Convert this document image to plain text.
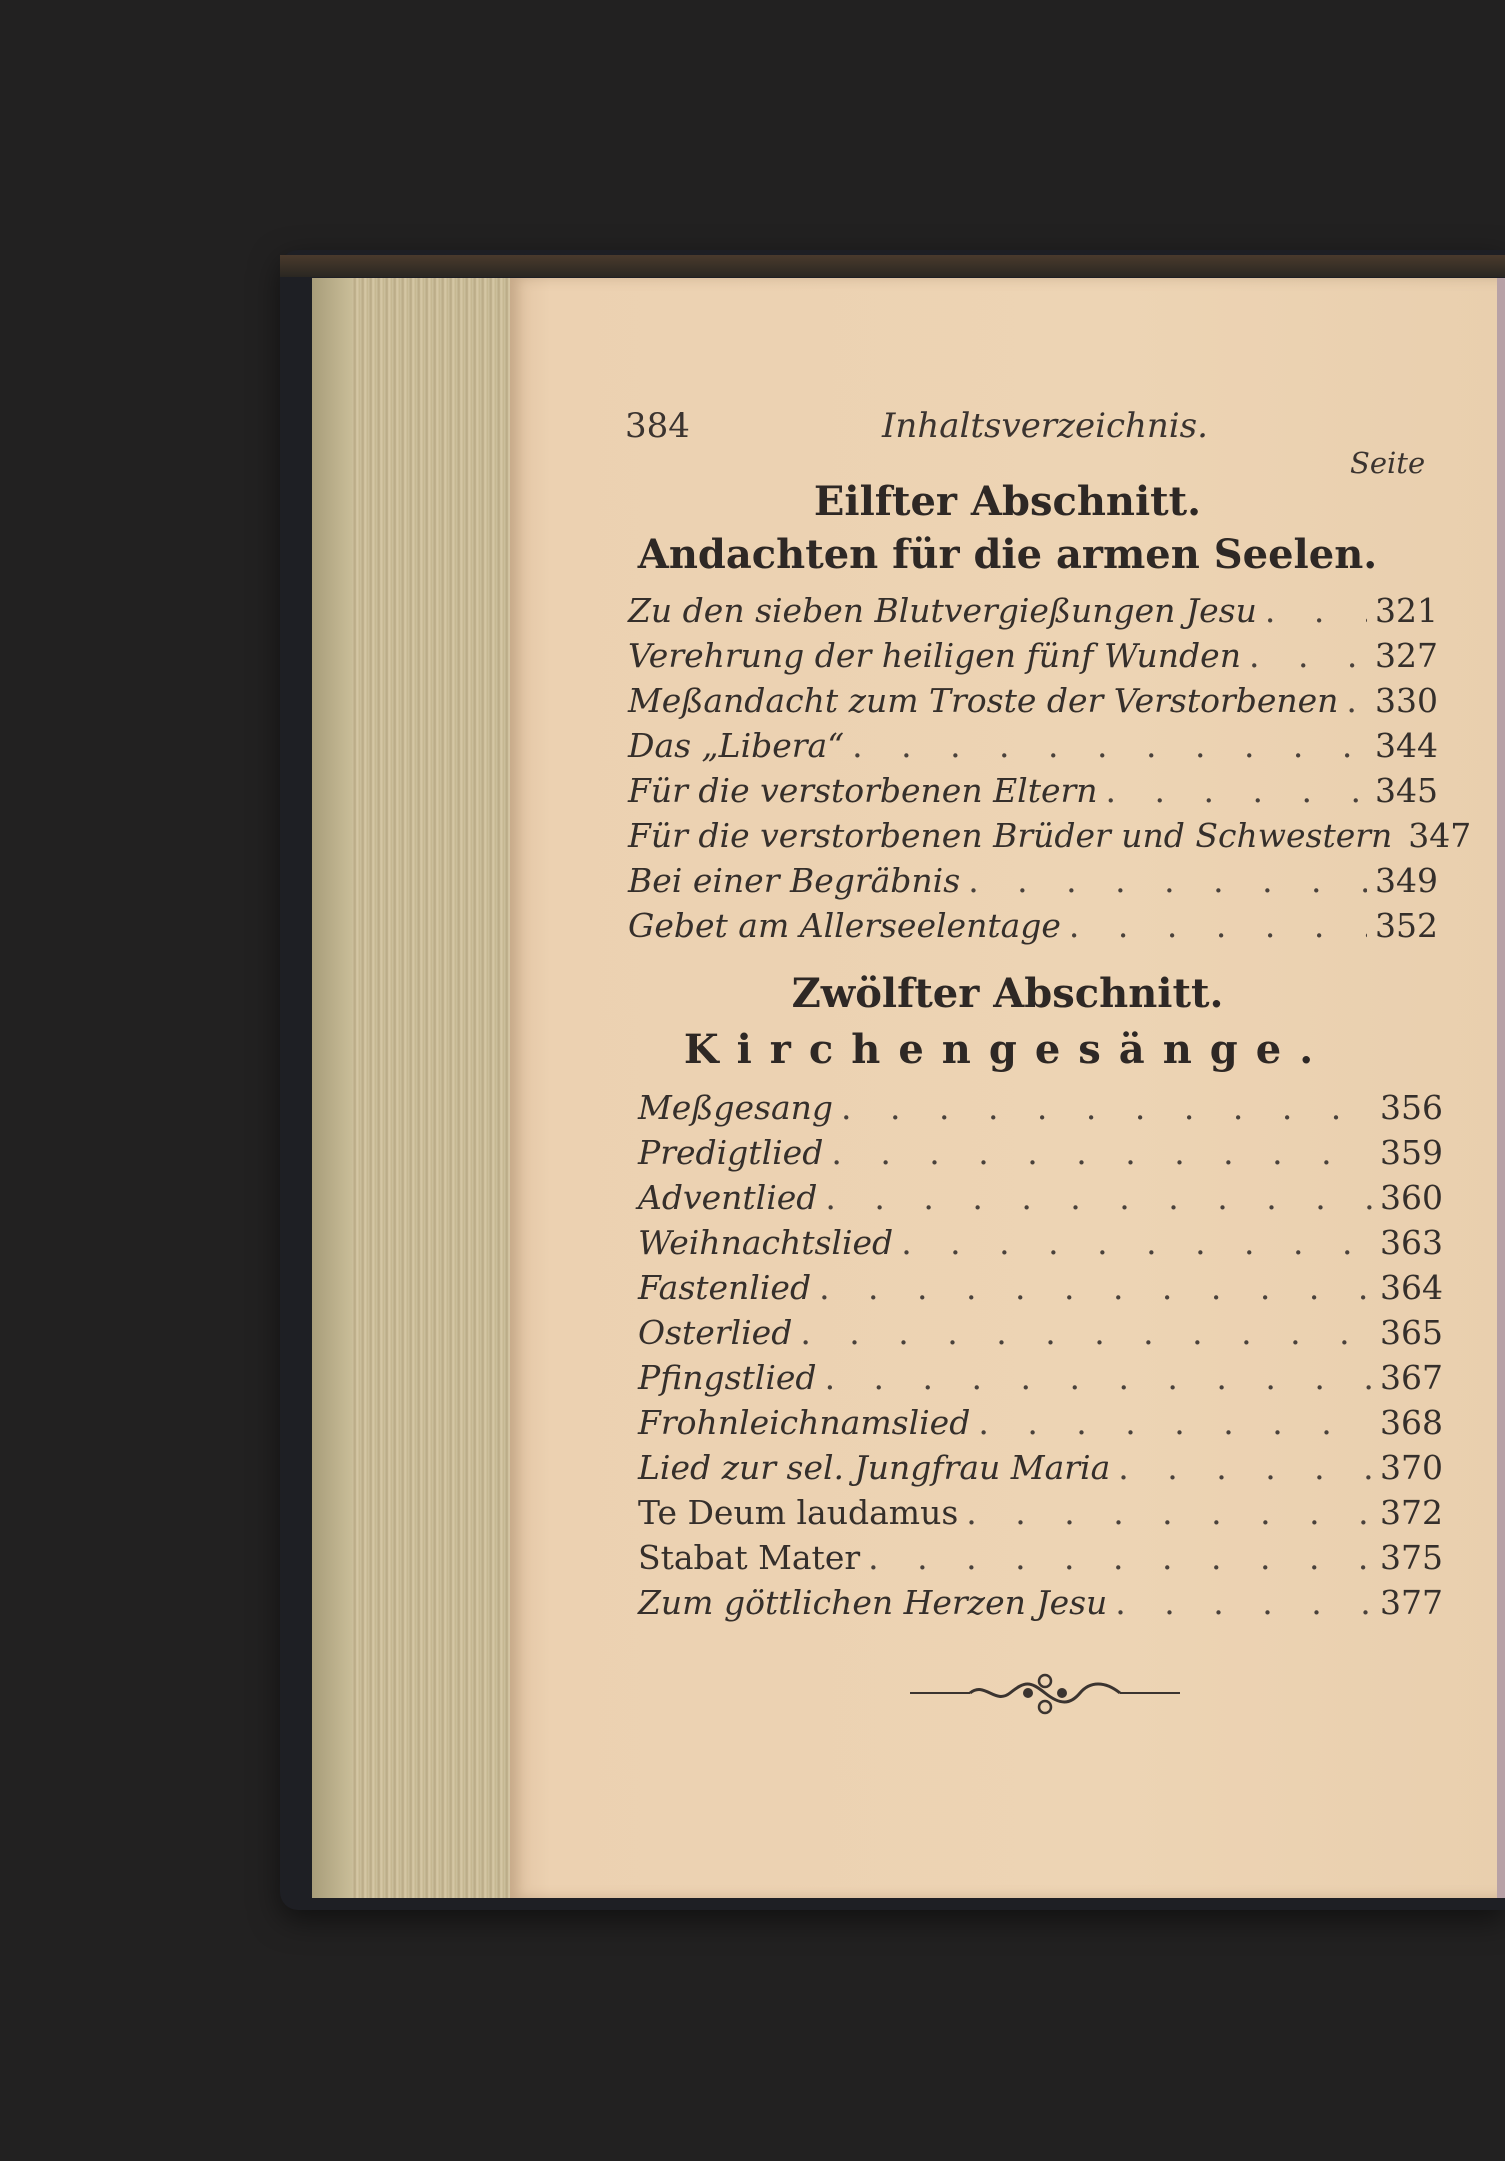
384	Inhaltsverzeichnis.
Seite
Eilfter Abschnitt.
Andachten für die armen Seelen.
Zu den sieben Blutvergießungen Jesu . . .	321
Verehrung der heiligen fünf Wunden . . .	327
Meßandacht zum Troste der Verstorbenen . . . 330
Das „Libera“ . . .	344
Für die verstorbenen Eltern . . .	345
Für die verstorbenen Brüder und Schwestern 347
Bei einer Begräbnis . . .	349
Gebet am Allerseelentage . . .	352
Zwölfter Abschnitt.
Kirchengesänge.
Meßgesang . . .	356
Predigtlied . . .	359
Adventlied . . .	360
Weihnachtslied . . .	363
Fastenlied . . .	364
Osterlied . . .	365
Pfingstlied . . .	367
Frohnleichnamslied . . .	368
Lied zur sel. Jungfrau Maria . . .	370
Te Deum laudamus . . .	372
Stabat Mater . . .	375
Zum göttlichen Herzen Jesu . . .	377
